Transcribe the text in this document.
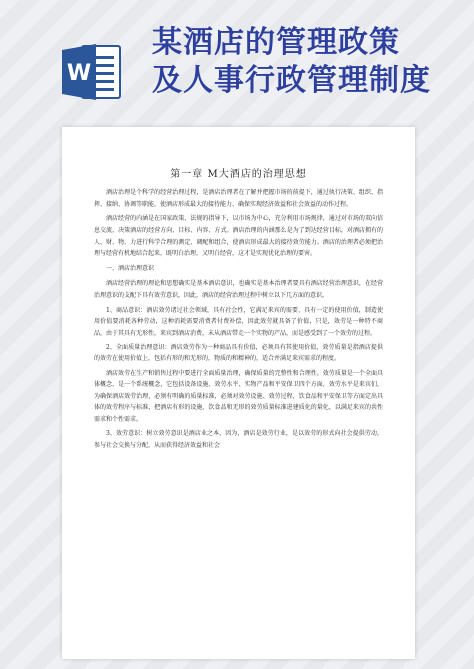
W
某酒店的管理政策
及人事行政管理制度
第一章 M大酒店的治理思想

酒店治理是个科学的经营治理过程，是酒店治理者在了解并把握市场的前提下，通过执行决策、组织、指挥、接纳、协调等职能，使酒店形成最大的接待能力、确保实现经济效益和社会效益的动作过程。

酒店经营的内涵是在国家政策、法规的指导下，以市场为中心，充分利用市场规律，通过对市场的双向信息交流，决策酒店的经营方向、目标、内容、方式。酒店治理的内涵那么是为了到达经营目标，对酒店拥有的人、财、物、力进行科学合理的测定、调配和组合，使酒店形成最大的接待效劳能力。酒店的治理者必须把治理与经营有机地结合起来，既明白治理，又明白经营，这才是实现优化治理的要害。

一、酒店治理意识

酒店经营治理的理论和思想确实是基本酒店意识，也确实是基本治理者要具有酒店经营治理意识，在经营治理意识的支配下具有效劳意识，因此，酒店的经营治理过程中树立以下几方面的意识。

1、商品意识：酒店效劳诸过社会领域，具有社会性，它满足来宾的需要，具有一定的使用价值，制造使用价值要消耗各种劳动，这种消耗需要消费者付费补偿，因此效劳就具备了价值，只是，效劳是一种特不商品，由于其具有无形性，来宾到酒店消费，未从酒店带走一个实物的产品，而是感受到了一个效劳的过程。

2、全面质量治理意识：酒店效劳作为一种商品具有价值，必须具有其使用价值，效劳质量是指酒店提供的效劳在使用价值上，包括有形的和无形的，物质的和精神的，适合并满足来宾需求的程度。

酒店效劳在生产和销售过程中要进行全面质量治理，确保质量的完整性和合理性。效劳质量是一个全面具体概念，是一个系统概念，它包括设备设施、效劳水平、实物产品和平安保卫四个方面，效劳水平是来宾们，为确保酒店效劳治理，必须有明确的质量标准，必须对效劳设施、效劳过程，饮食品和平安保卫等方面定出具体的效劳程序与标准，把酒店有形的设施、饮食品和无形的效劳质量标准进建质化的量化，以满足来宾的共性需求和个性需求。

3、效劳意识：树立效劳意识是酒店业之本，因为，酒店是效劳行业，是以效劳的形式向社会提供劳动，参与社会交换与分配，从而获得经济效益和社会
